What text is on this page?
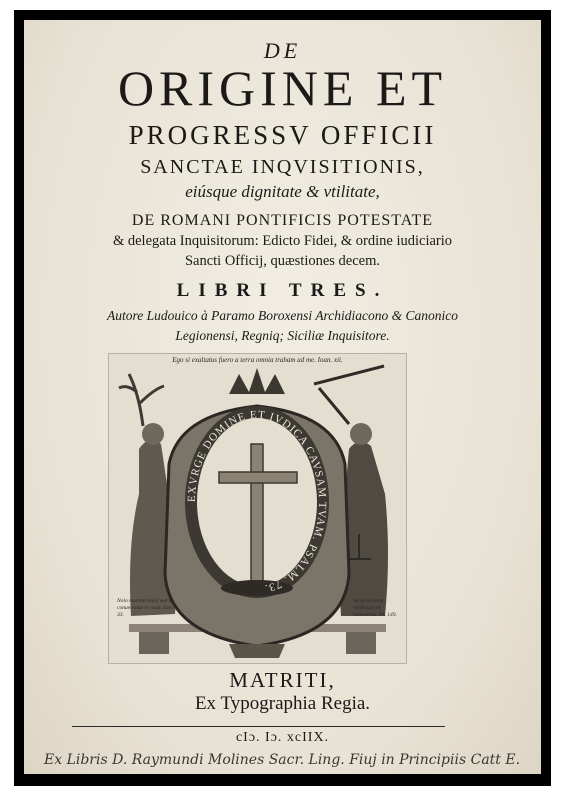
DE
ORIGINE ET
PROGRESSV OFFICII
SANCTAE INQVISITIONIS,
eiúsque dignitate & vtilitate,
DE ROMANI PONTIFICIS POTESTATE
& delegata Inquisitorum: Edicto Fidei, & ordine iudiciario
Sancti Officij, quæstiones decem.
LIBRI TRES.
Autore Ludouico à Paramo Boroxensi Archidiacono & Canonico
Legionensi, Regniq; Siciliæ Inquisitore.
EXVRGE DOMINE ET IVDICA CAVSAM TVAM. PSALM. 73.
Ego si exaltatus fuero a terra omnia traham ad me. Ioan. xii.
Nolo mortem impij sed ut conuertatur et viuat. Eze. 33.
Ad faciendam vindictam in nationibus. Ps. 149.
MATRITI,
Ex Typographia Regia.
cIɔ. Iɔ. xcIIX.
Ex Libris D. Raymundi Molines Sacr. Ling. Fiuj in Principiis Catt E.
